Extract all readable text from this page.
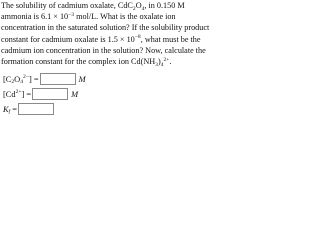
The solubility of cadmium oxalate, $CdC_2O_4$, in 0.150 M
ammonia is $6.1 \times 10^{-3}$ mol/L. What is the oxalate ion
concentration in the saturated solution? If the solubility product
constant for cadmium oxalate is $1.5 \times 10^{-8}$, what must be the
cadmium ion concentration in the solution? Now, calculate the
formation constant for the complex ion $Cd(NH_3)_4^{2+}$.
$[C_2O_4^{2-}]$ =	M
$[Cd^{2+}]$ =	M
$K_f$ =
